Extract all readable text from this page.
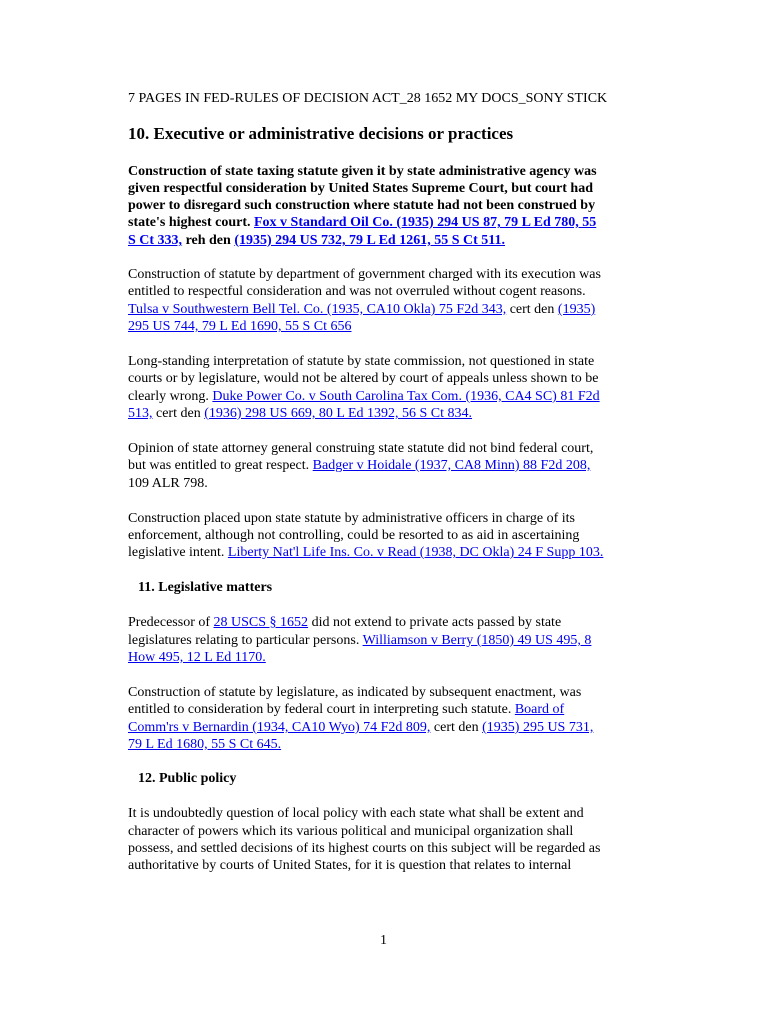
7 PAGES IN FED-RULES OF DECISION ACT_28 1652 MY DOCS_SONY STICK
10. Executive or administrative decisions or practices
Construction of state taxing statute given it by state administrative agency was
given respectful consideration by United States Supreme Court, but court had
power to disregard such construction where statute had not been construed by
state's highest court. Fox v Standard Oil Co. (1935) 294 US 87, 79 L Ed 780, 55
S Ct 333, reh den (1935) 294 US 732, 79 L Ed 1261, 55 S Ct 511.
Construction of statute by department of government charged with its execution was
entitled to respectful consideration and was not overruled without cogent reasons.
Tulsa v Southwestern Bell Tel. Co. (1935, CA10 Okla) 75 F2d 343, cert den (1935)
295 US 744, 79 L Ed 1690, 55 S Ct 656
Long-standing interpretation of statute by state commission, not questioned in state
courts or by legislature, would not be altered by court of appeals unless shown to be
clearly wrong. Duke Power Co. v South Carolina Tax Com. (1936, CA4 SC) 81 F2d
513, cert den (1936) 298 US 669, 80 L Ed 1392, 56 S Ct 834.
Opinion of state attorney general construing state statute did not bind federal court,
but was entitled to great respect. Badger v Hoidale (1937, CA8 Minn) 88 F2d 208,
109 ALR 798.
Construction placed upon state statute by administrative officers in charge of its
enforcement, although not controlling, could be resorted to as aid in ascertaining
legislative intent. Liberty Nat'l Life Ins. Co. v Read (1938, DC Okla) 24 F Supp 103.
11. Legislative matters
Predecessor of 28 USCS § 1652 did not extend to private acts passed by state
legislatures relating to particular persons. Williamson v Berry (1850) 49 US 495, 8
How 495, 12 L Ed 1170.
Construction of statute by legislature, as indicated by subsequent enactment, was
entitled to consideration by federal court in interpreting such statute. Board of
Comm'rs v Bernardin (1934, CA10 Wyo) 74 F2d 809, cert den (1935) 295 US 731,
79 L Ed 1680, 55 S Ct 645.
12. Public policy
It is undoubtedly question of local policy with each state what shall be extent and
character of powers which its various political and municipal organization shall
possess, and settled decisions of its highest courts on this subject will be regarded as
authoritative by courts of United States, for it is question that relates to internal
1
